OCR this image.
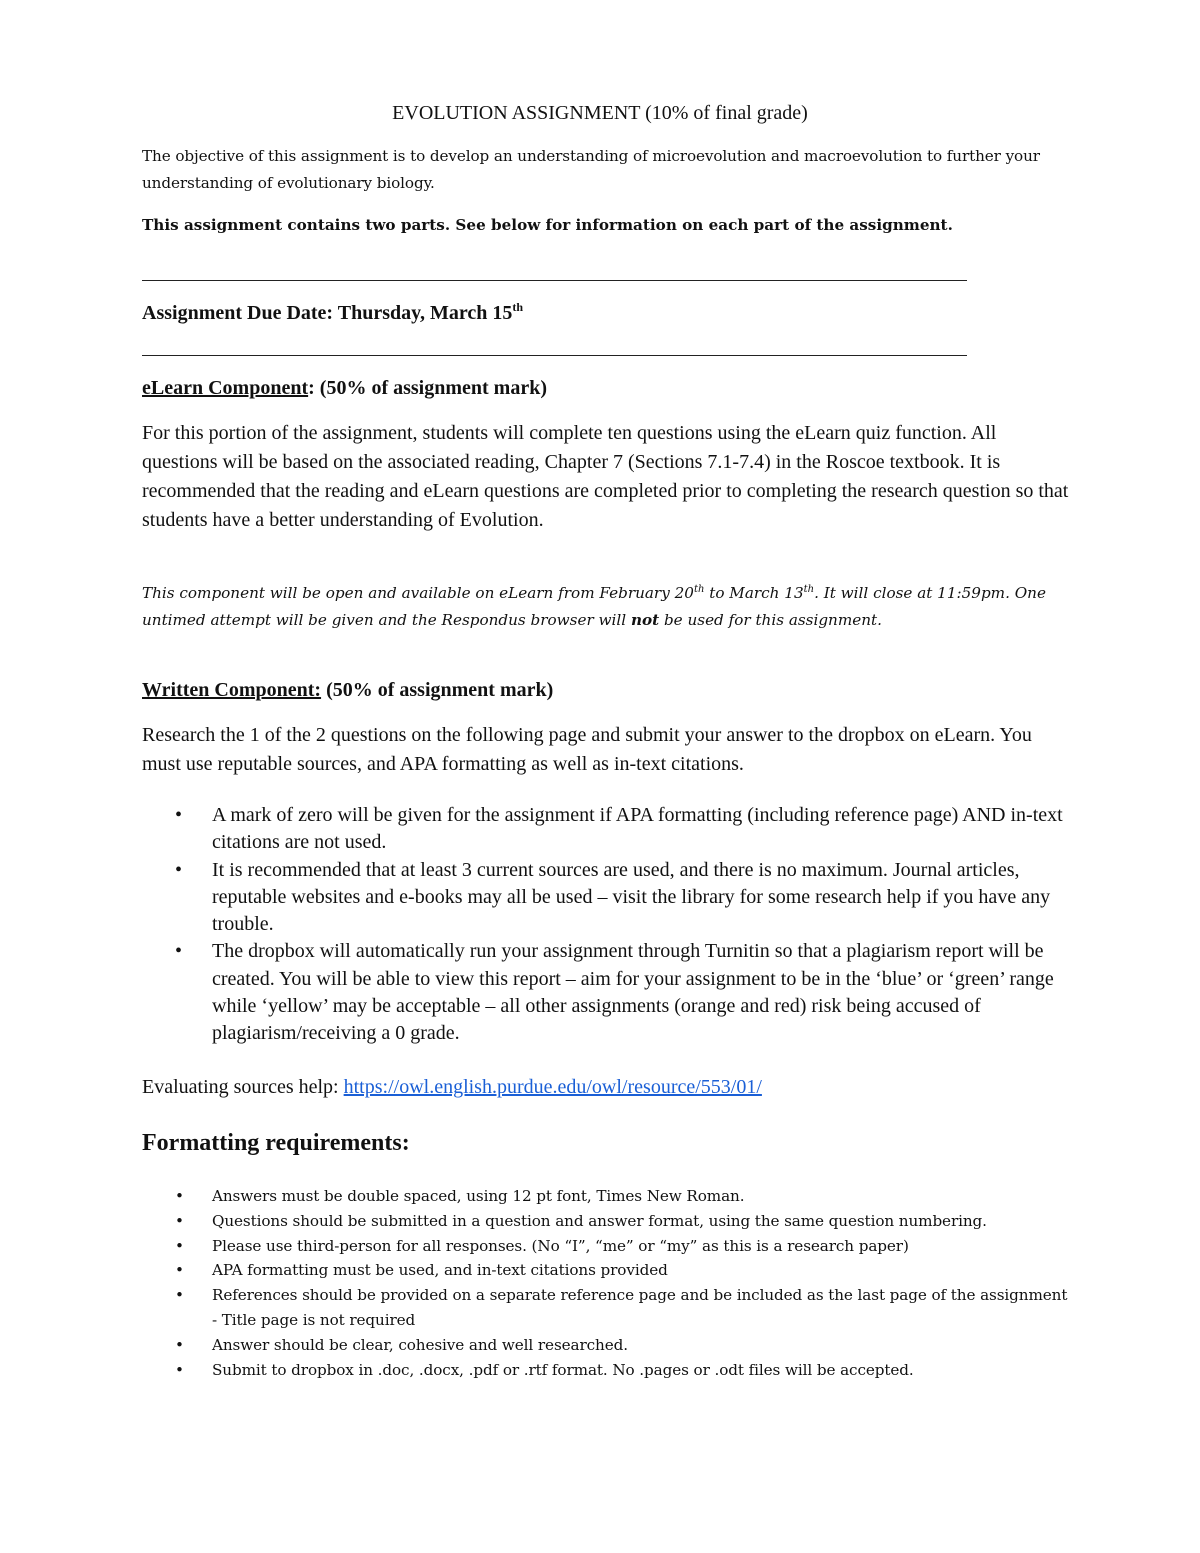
EVOLUTION ASSIGNMENT (10% of final grade)
The objective of this assignment is to develop an understanding of microevolution and macroevolution to further your understanding of evolutionary biology.
This assignment contains two parts. See below for information on each part of the assignment.
Assignment Due Date: Thursday, March 15th
eLearn Component: (50% of assignment mark)
For this portion of the assignment, students will complete ten questions using the eLearn quiz function. All questions will be based on the associated reading, Chapter 7 (Sections 7.1-7.4) in the Roscoe textbook. It is recommended that the reading and eLearn questions are completed prior to completing the research question so that students have a better understanding of Evolution.
This component will be open and available on eLearn from February 20th to March 13th. It will close at 11:59pm. One untimed attempt will be given and the Respondus browser will not be used for this assignment.
Written Component: (50% of assignment mark)
Research the 1 of the 2 questions on the following page and submit your answer to the dropbox on eLearn. You must use reputable sources, and APA formatting as well as in-text citations.
• A mark of zero will be given for the assignment if APA formatting (including reference page) AND in-text citations are not used.
• It is recommended that at least 3 current sources are used, and there is no maximum. Journal articles, reputable websites and e-books may all be used – visit the library for some research help if you have any trouble.
• The dropbox will automatically run your assignment through Turnitin so that a plagiarism report will be created. You will be able to view this report – aim for your assignment to be in the ‘blue’ or ‘green’ range while ‘yellow’ may be acceptable – all other assignments (orange and red) risk being accused of plagiarism/receiving a 0 grade.
Evaluating sources help: https://owl.english.purdue.edu/owl/resource/553/01/
Formatting requirements:
• Answers must be double spaced, using 12 pt font, Times New Roman.
• Questions should be submitted in a question and answer format, using the same question numbering.
• Please use third-person for all responses. (No “I”, “me” or “my” as this is a research paper)
• APA formatting must be used, and in-text citations provided
• References should be provided on a separate reference page and be included as the last page of the assignment - Title page is not required
• Answer should be clear, cohesive and well researched.
• Submit to dropbox in .doc, .docx, .pdf or .rtf format. No .pages or .odt files will be accepted.
